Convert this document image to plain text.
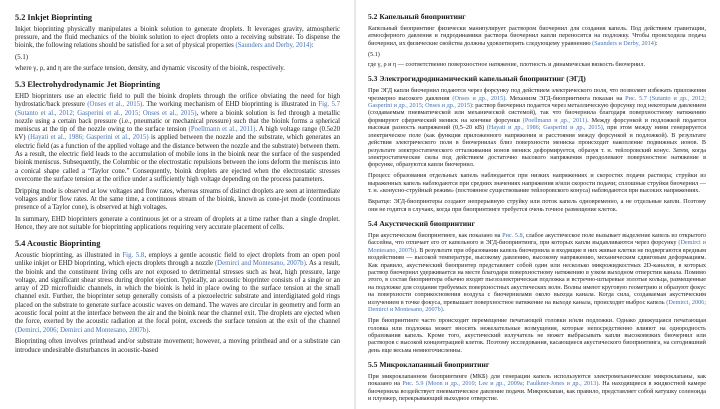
5.2 Inkjet Bioprinting

Inkjet bioprinting physically manipulates a bioink solution to generate droplets. It leverages gravity, atmospheric pressure, and the fluid mechanics of the bioink solution to eject droplets onto a receiving substrate. To dispense the bioink, the following relations should be satisfied for a set of physical properties (Saunders and Derby, 2014):

(5.1)

where γ, ρ, and η are the surface tension, density, and dynamic viscosity of the bioink, respectively.

5.3 Electrohydrodynamic Jet Bioprinting

EHD bioprinters use an electric field to pull the bioink droplets through the orifice obviating the need for high hydrostatic/back pressure (Onses et al., 2015). The working mechanism of EHD bioprinting is illustrated in Fig. 5.7 (Sutanto et al., 2012; Gasperini et al., 2015; Onses et al., 2015), where a bioink solution is fed through a metallic nozzle using a certain back pressure (i.e., pneumatic or mechanical pressure) such that the bioink forms a spherical meniscus at the tip of the nozzle owing to the surface tension (Poellmann et al., 2011). A high voltage range (0.5e20 kV) (Hayati et al., 1986; Gasperini et al., 2015) is applied between the nozzle and the substrate, which generates an electric field (as a function of the applied voltage and the distance between the nozzle and the substrate) between them. As a result, the electric field leads to the accumulation of mobile ions in the bioink near the surface of the suspended bioink meniscus. Subsequently, the Columbic or the electrostatic repulsions between the ions deform the meniscus into a conical shape called a “Taylor cone.” Consequently, bioink droplets are ejected when the electrostatic stresses overcome the surface tension at the orifice under a sufficiently high voltage depending on the process parameters.

Dripping mode is observed at low voltages and flow rates, whereas streams of distinct droplets are seen at intermediate voltages and/or flow rates. At the same time, a continuous stream of the bioink, known as cone-jet mode (continuous presence of a Taylor cone), is observed at high voltages.

In summary, EHD bioprinters generate a continuous jet or a stream of droplets at a time rather than a single droplet. Hence, they are not suitable for bioprinting applications requiring very accurate placement of cells.

5.4 Acoustic Bioprinting

Acoustic bioprinting, as illustrated in Fig. 5.8, employs a gentle acoustic field to eject droplets from an open pool unlike inkjet or EHD bioprinting, which ejects droplets through a nozzle (Demirci and Montesano, 2007b). As a result, the bioink and the constituent living cells are not exposed to detrimental stresses such as heat, high pressure, large voltage, and significant shear stress during droplet ejection. Typically, an acoustic bioprinter consists of a single or an array of 2D microfluidic channels, in which the bioink is held in place owing to the surface tension at the small channel exit. Further, the bioprinter setup generally consists of a piezoelectric substrate and interdigitated gold rings placed on the substrate to generate surface acoustic waves on demand. The waves are circular in geometry and form an acoustic focal point at the interface between the air and the bioink near the channel exit. The droplets are ejected when the force, exerted by the acoustic radiation at the focal point, exceeds the surface tension at the exit of the channel (Demirci, 2006; Demirci and Montesano, 2007b).

Bioprinting often involves printhead and/or substrate movement; however, a moving printhead and or a substrate can introduce undesirable disturbances in acoustic-based

5.2 Капельный биопринтинг

Капельный биопринтинг физически манипулирует раствором биочернил для создания капель. Под действием гравитации, атмосферного давления и гидродинамики раствора биочернил капли переносятся на подложку. Чтобы происходила подача биочернил, их физические свойства должны удовлетворять следующему уравнению (Saunders и Derby, 2014):

(5.1)

где γ, ρ и η — соответственно поверхностное натяжение, плотность и динамическая вязкость биочернил.

5.3 Электрогидродинамический капельный биопринтинг (ЭГД)

При ЭГД капли биочернил подаются через форсунку под действием электрического поля, что позволяет избежать приложения чрезмерно высокого давления (Onses и др., 2015). Механизм ЭГД-биопринтинга показан на Рис. 5.7 (Sutanto и др., 2012; Gasperini и др., 2015; Onses и др., 2015): раствор биочернил подается через металлическую форсунку под некоторым давлением (создаваемым пневматической или механической системой), так что биочернила благодаря поверхностному натяжению формируют сферический мениск на кончике форсунки (Poellmann и др., 2011). Между форсункой и подложкой подается высокая разность напряжений (0,5–20 кВ) (Hayati и др., 1986; Gasperini и др., 2015), при этом между ними генерируется электрическое поле (как функция приложенного напряжения и расстояния между форсункой и подложкой). В результате действия электрического поля в биочернилах близ поверхности мениска происходит накопление подвижных ионов. В результате электростатического отталкивания ионов мениск деформируется, образуя т. н. тейлоровский конус. Затем, когда электростатические силы под действием достаточно высокого напряжения преодолевают поверхностное натяжение в форсунке, образуются капли биочернил.

Процесс образования отдельных капель наблюдается при низких напряжениях и скоростях подачи раствора; струйки из выраженных капель наблюдаются при средних значениях напряжения и/или скорости подачи; сплошные струйки биочернил — т. н. «конусно-струйный режим» (постоянное существование тейлоровского конуса) наблюдаются при высоких напряжениях.

Вкратце: ЭГД-биопринтеры создают непрерывную струйку или поток капель одновременно, а не отдельные капли. Поэтому они не годятся в случаях, когда при биопринтинге требуется очень точное размещение клеток.

5.4 Акустический биопринтинг

При акустическом биопринтинге, как показано на Рис. 5.8, слабое акустическое поле вызывает выделение капель из открытого бассейна, что отличает его от капельного и ЭГД-биопринтинга, при которых капли выдавливаются через форсунку (Demirci и Montesano, 2007b). В результате при образовании капель биочернила и входящие в них живые клетки не подвергаются вредным воздействиям — высокой температуре, высокому давлению, высокому напряжению, механическим сдвиговым деформациям. Как правило, акустический биопринтер представляет собой один или несколько микрожидкостных 2D-каналов, в которых раствор биочернил удерживается на месте благодаря поверхностному натяжению в узком выходном отверстии канала. Помимо этого, в состав биопринтера обычно входят пьезоэлектрическая подложка и встречно-штыревые золотые кольца, размещенные на подложке для создания требуемых поверхностных акустических волн. Волны имеют круговую геометрию и образуют фокус на поверхности соприкосновения воздуха с биочернилами около выхода канала. Когда сила, создаваемая акустическим излучением в точке фокуса, превышает поверхностное натяжение на выходе канала, происходит выброс капель (Demirci, 2006; Demirci и Montesano, 2007b).

При биопринтинге часто происходит перемещение печатающей головки и/или подложки. Однако движущаяся печатающая головка или подложка может вносить нежелательные возмущения, которые непосредственно влияют на однородность образования капель. Кроме того, акустический излучатель не может выбрасывать капли высоковязких биочернил или растворов с высокой концентрацией клеток. Поэтому исследования, касающиеся акустического биопринтинга, на сегодняшний день еще весьма немногочисленны.

5.5 Микроклапанный биопринтинг

При микроклапанном биопринтинге (МКБ) для генерации капель используются электромеханические микроклапаны, как показано на Рис. 5.9 (Moon и др., 2010; Lee и др., 2009a; Faulkner-Jones и др., 2013). На находящиеся в жидкостной камере биочернила воздействует пневматическое давление подачи. Микроклапан, как правило, представляет собой катушку соленоида и плунжер, перекрывающий выходное отверстие.
